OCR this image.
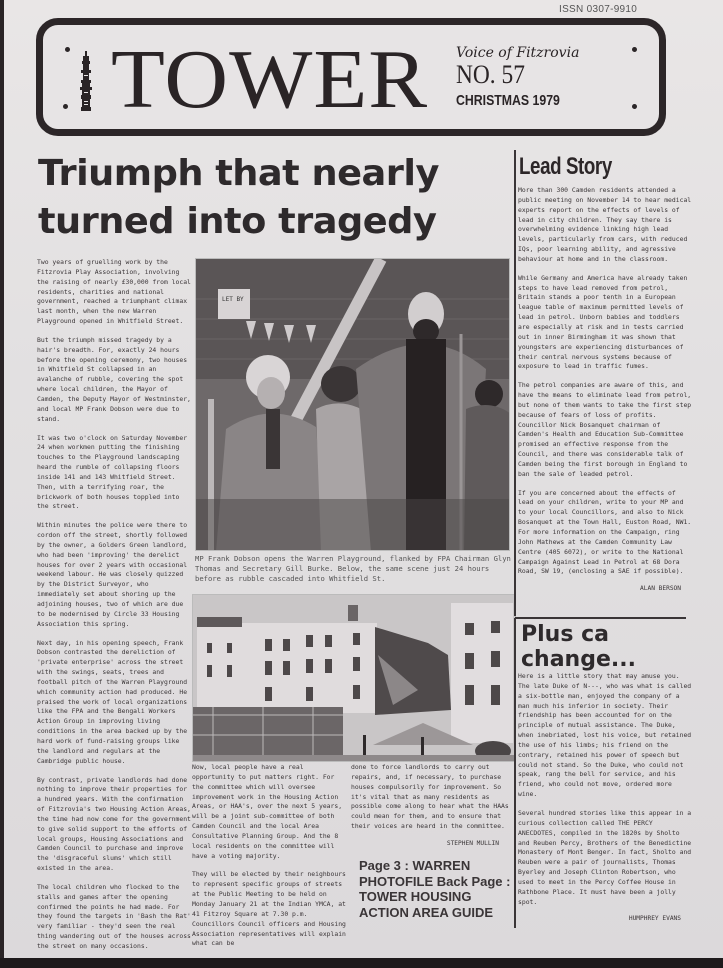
ISSN 0307-9910
TOWER Voice of Fitzrovia
NO. 57
CHRISTMAS 1979
Triumph that nearly
turned into tragedy

Two years of gruelling work by the Fitzrovia Play Association, involving the raising of nearly £30,000 from local residents, charities and national government, reached a triumphant climax last month, when the new Warren Playground opened in Whitfield Street.

But the triumph missed tragedy by a hair's breadth. For, exactly 24 hours before the opening ceremony, two houses in Whitfield St collapsed in an avalanche of rubble, covering the spot where local children, the Mayor of Camden, the Deputy Mayor of Westminster, and local MP Frank Dobson were due to stand.

It was two o'clock on Saturday November 24 when workmen putting the finishing touches to the Playground landscaping heard the rumble of collapsing floors inside 141 and 143 Whitfield Street. Then, with a terrifying roar, the brickwork of both houses toppled into the street.

Within minutes the police were there to cordon off the street, shortly followed by the owner, a Golders Green landlord, who had been 'improving' the derelict houses for over 2 years with occasional weekend labour. He was closely quizzed by the District Surveyor, who immediately set about shoring up the adjoining houses, two of which are due to be modernised by Circle 33 Housing Association this spring.

Next day, in his opening speech, Frank Dobson contrasted the dereliction of 'private enterprise' across the street with the swings, seats, trees and football pitch of the Warren Playground which community action had produced. He praised the work of local organizations like the FPA and the Bengali Workers Action Group in improving living conditions in the area backed up by the hard work of fund-raising groups like the landlord and regulars at the Cambridge public house.

By contrast, private landlords had done nothing to improve their properties for a hundred years. With the confirmation of Fitzrovia's two Housing Action Areas, the time had now come for the government to give solid support to the efforts of local groups, Housing Associations and Camden Council to purchase and improve the 'disgraceful slums' which still existed in the area.

The local children who flocked to the stalls and games after the opening confirmed the points he had made. For they found the targets in 'Bash the Rat' very familiar - they'd seen the real thing wandering out of the houses across the street on many occasions.

LET BY
MP Frank Dobson opens the Warren Playground, flanked by FPA Chairman Glyn Thomas and Secretary Gill Burke. Below, the same scene just 24 hours before as rubble cascaded into Whitfield St.

Now, local people have a real opportunity to put matters right. For the committee which will oversee improvement work in the Housing Action Areas, or HAA's, over the next 5 years, will be a joint sub-committee of both Camden Council and the local Area Consultative Planning Group. And the 8 local residents on the committee will have a voting majority.

They will be elected by their neighbours to represent specific groups of streets at the Public Meeting to be held on Monday January 21 at the Indian YMCA, at 41 Fitzroy Square at 7.30 p.m. Councillors Council officers and Housing Association representatives will explain what can be

done to force landlords to carry out repairs, and, if necessary, to purchase houses compulsorily for improvement. So it's vital that as many residents as possible come along to hear what the HAAs could mean for them, and to ensure that their voices are heard in the committee.

STEPHEN MULLIN
Page 3 : WARREN PHOTOFILE Back Page : TOWER HOUSING ACTION AREA GUIDE
Lead Story

More than 300 Camden residents attended a public meeting on November 14 to hear medical experts report on the effects of levels of lead in city children. They say there is overwhelming evidence linking high lead levels, particularly from cars, with reduced IQs, poor learning ability, and agressive behaviour at home and in the classroom.

While Germany and America have already taken steps to have lead removed from petrol, Britain stands a poor tenth in a European league table of maximum permitted levels of lead in petrol. Unborn babies and toddlers are especially at risk and in tests carried out in inner Birmingham it was shown that youngsters are experiencing disturbances of their central nervous systems because of exposure to lead in traffic fumes.

The petrol companies are aware of this, and have the means to eliminate lead from petrol, but none of them wants to take the first step because of fears of loss of profits. Councillor Nick Bosanquet chairman of Camden's Health and Education Sub-Committee promised an effective response from the Council, and there was considerable talk of Camden being the first borough in England to ban the sale of leaded petrol.

If you are concerned about the effects of lead on your children, write to your MP and to your local Councillors, and also to Nick Bosanquet at the Town Hall, Euston Road, NW1. For more information on the Campaign, ring John Mathews at the Camden Community Law Centre (405 6072), or write to the National Campaign Against Lead in Petrol at 68 Dora Road, SW 19, (enclosing a SAE if possible).

ALAN BERSON
Plus ca
change...

Here is a little story that may amuse you. The late Duke of N---, who was what is called a six-bottle man, enjoyed the company of a man much his inferior in society. Their friendship has been accounted for on the principle of mutual assistance. The Duke, when inebriated, lost his voice, but retained the use of his limbs; his friend on the contrary, retained his power of speech but could not stand. So the Duke, who could not speak, rang the bell for service, and his friend, who could not move, ordered more wine.

Several hundred stories like this appear in a curious collection called THE PERCY ANECDOTES, compiled in the 1820s by Sholto and Reuben Percy, Brothers of the Benedictine Monastery of Mont Benger. In fact, Sholto and Reuben were a pair of journalists, Thomas Byerley and Joseph Clinton Robertson, who used to meet in the Percy Coffee House in Rathbone Place. It must have been a jolly spot.

HUMPHREY EVANS
